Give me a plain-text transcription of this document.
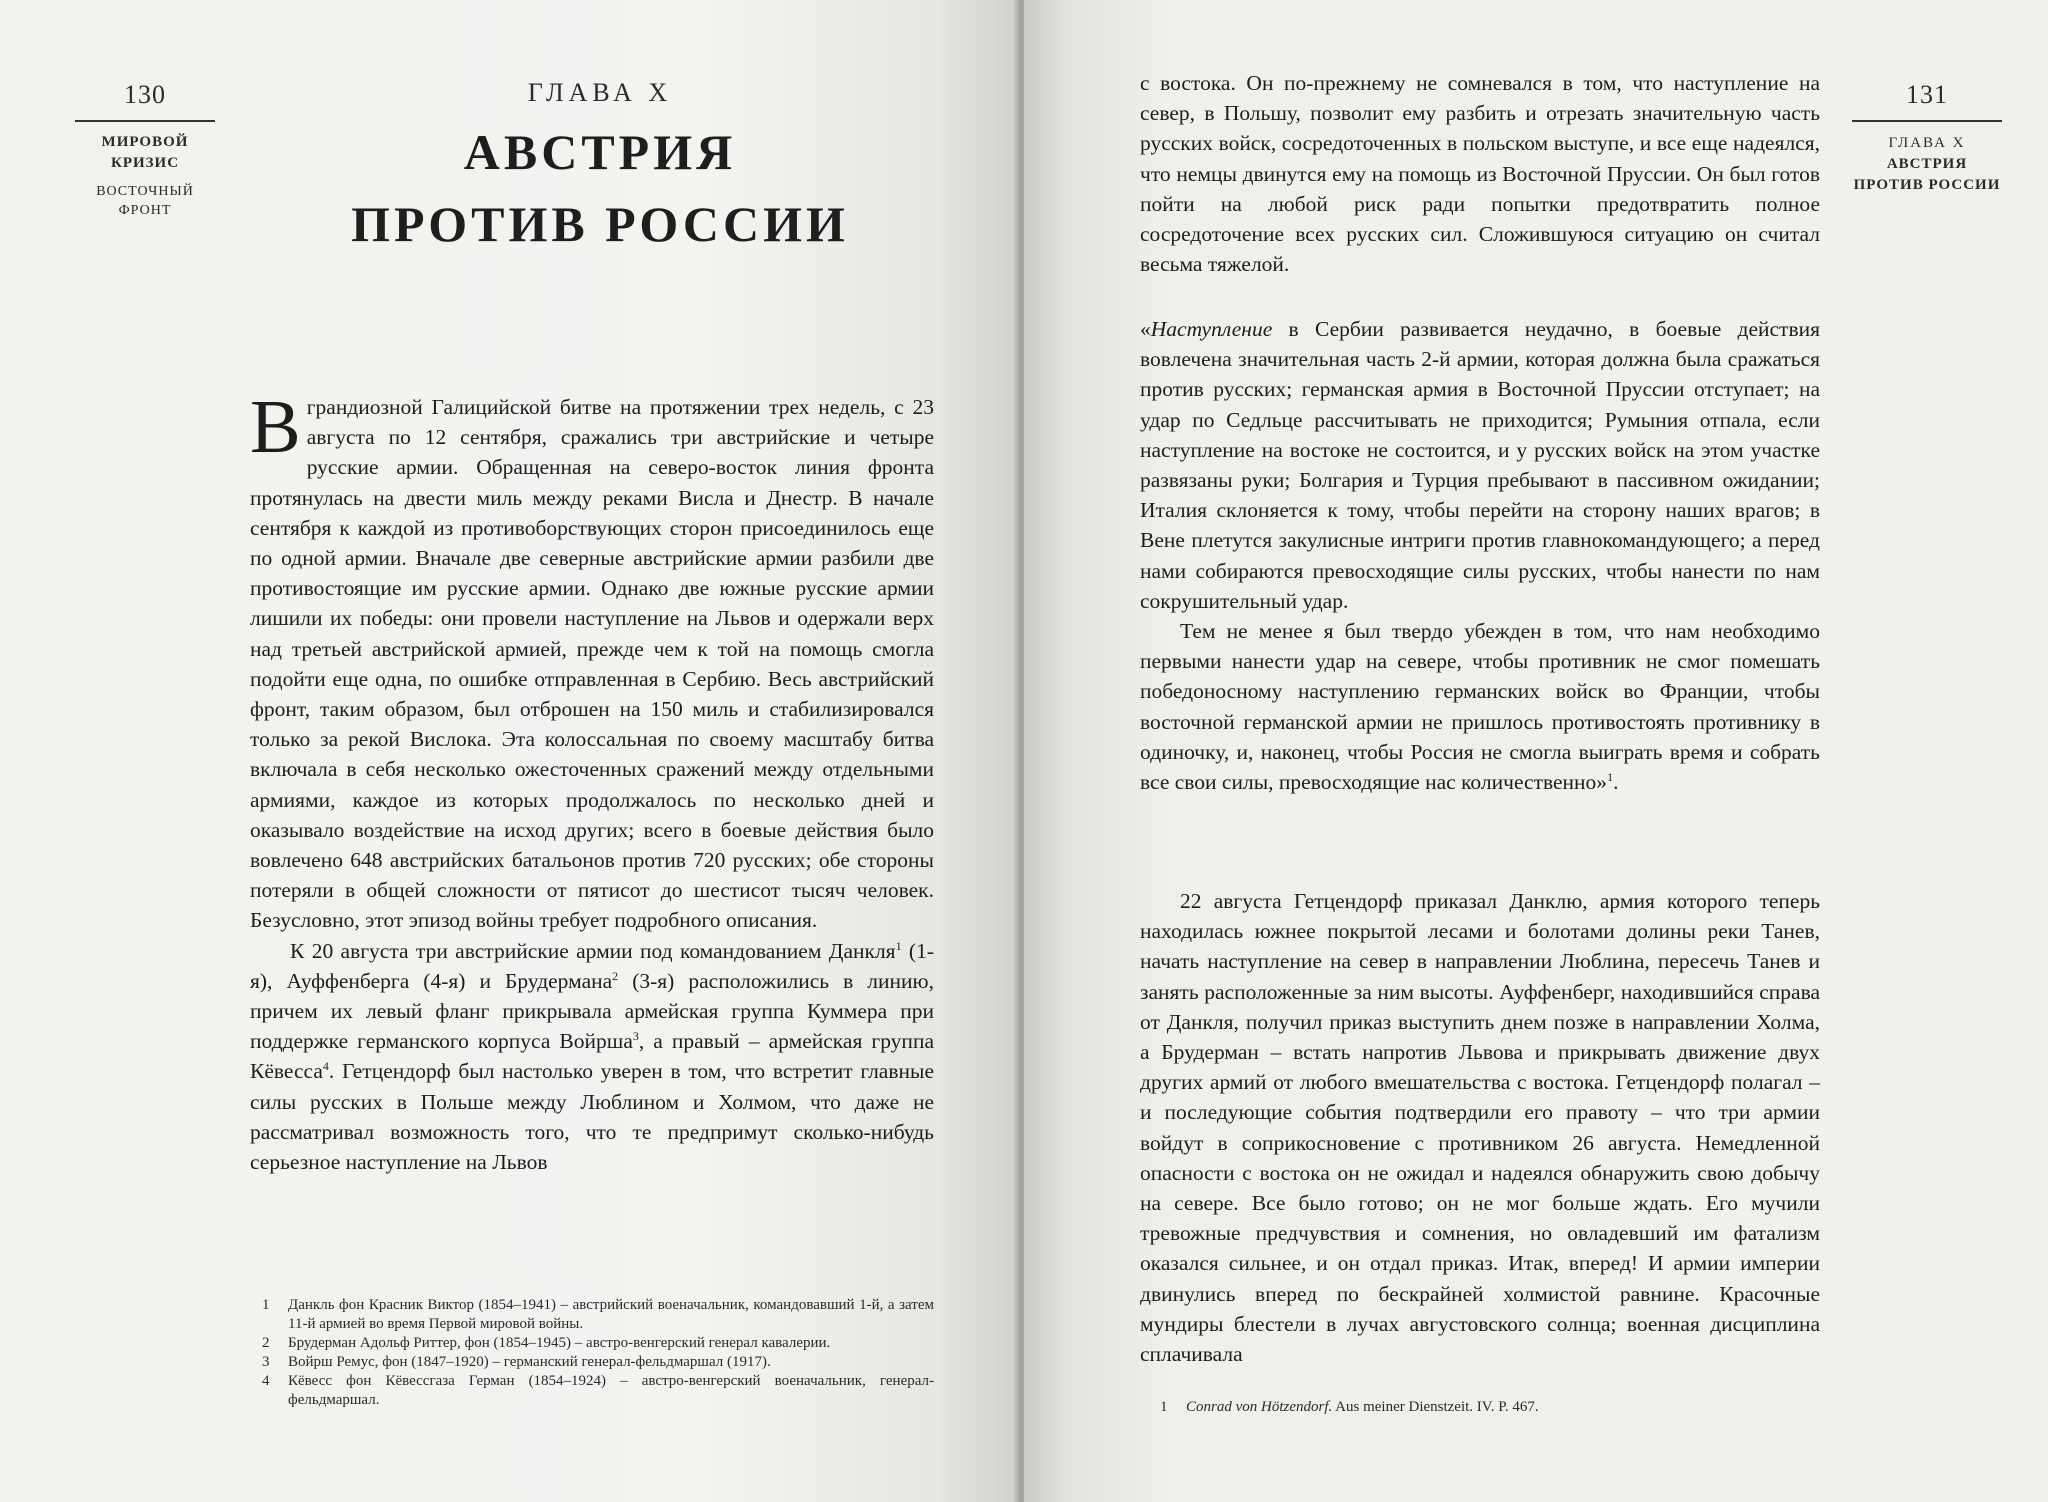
130
МИРОВОЙ КРИЗИС
ВОСТОЧНЫЙ ФРОНТ
ГЛАВА X
АВСТРИЯ
ПРОТИВ РОССИИ

В грандиозной Галицийской битве на протяжении трех недель, с 23 августа по 12 сентября, сражались три австрийские и четыре русские армии. Обращенная на северо-восток линия фронта протянулась на двести миль между реками Висла и Днестр. В начале сентября к каждой из противоборствующих сторон присоединилось еще по одной армии. Вначале две северные австрийские армии разбили две противостоящие им русские армии. Однако две южные русские армии лишили их победы: они провели наступление на Львов и одержали верх над третьей австрийской армией, прежде чем к той на помощь смогла подойти еще одна, по ошибке отправленная в Сербию. Весь австрийский фронт, таким образом, был отброшен на 150 миль и стабилизировался только за рекой Вислока. Эта колоссальная по своему масштабу битва включала в себя несколько ожесточенных сражений между отдельными армиями, каждое из которых продолжалось по несколько дней и оказывало воздействие на исход других; всего в боевые действия было вовлечено 648 австрийских батальонов против 720 русских; обе стороны потеряли в общей сложности от пятисот до шестисот тысяч человек. Безусловно, этот эпизод войны требует подробного описания.

К 20 августа три австрийские армии под командованием Данкля$^1$ (1-я), Ауффенберга (4-я) и Брудермана$^2$ (3-я) расположились в линию, причем их левый фланг прикрывала армейская группа Куммера при поддержке германского корпуса Войрша$^3$, а правый – армейская группа Кёвесса$^4$. Гетцендорф был настолько уверен в том, что встретит главные силы русских в Польше между Люблином и Холмом, что даже не рассматривал возможность того, что те предпримут сколько-нибудь серьезное наступление на Львов

1 Данкль фон Красник Виктор (1854–1941) – австрийский военачальник, командовавший 1-й, а затем 11-й армией во время Первой мировой войны.
2 Брудерман Адольф Риттер, фон (1854–1945) – австро-венгерский генерал кавалерии.
3 Войрш Ремус, фон (1847–1920) – германский генерал-фельдмаршал (1917).
4 Кёвесс фон Кёвессгаза Герман (1854–1924) – австро-венгерский военачальник, генерал-фельдмаршал.
131
ГЛАВА X
АВСТРИЯ
ПРОТИВ РОССИИ

с востока. Он по-прежнему не сомневался в том, что наступление на север, в Польшу, позволит ему разбить и отрезать значительную часть русских войск, сосредоточенных в польском выступе, и все еще надеялся, что немцы двинутся ему на помощь из Восточной Пруссии. Он был готов пойти на любой риск ради попытки предотвратить полное сосредоточение всех русских сил. Сложившуюся ситуацию он считал весьма тяжелой.

«Наступление в Сербии развивается неудачно, в боевые действия вовлечена значительная часть 2-й армии, которая должна была сражаться против русских; германская армия в Восточной Пруссии отступает; на удар по Седльце рассчитывать не приходится; Румыния отпала, если наступление на востоке не состоится, и у русских войск на этом участке развязаны руки; Болгария и Турция пребывают в пассивном ожидании; Италия склоняется к тому, чтобы перейти на сторону наших врагов; в Вене плетутся закулисные интриги против главнокомандующего; а перед нами собираются превосходящие силы русских, чтобы нанести по нам сокрушительный удар.

Тем не менее я был твердо убежден в том, что нам необходимо первыми нанести удар на севере, чтобы противник не смог помешать победоносному наступлению германских войск во Франции, чтобы восточной германской армии не пришлось противостоять противнику в одиночку, и, наконец, чтобы Россия не смогла выиграть время и собрать все свои силы, превосходящие нас количественно»$^1$.

22 августа Гетцендорф приказал Данклю, армия которого теперь находилась южнее покрытой лесами и болотами долины реки Танев, начать наступление на север в направлении Люблина, пересечь Танев и занять расположенные за ним высоты. Ауффенберг, находившийся справа от Данкля, получил приказ выступить днем позже в направлении Холма, а Брудерман – встать напротив Львова и прикрывать движение двух других армий от любого вмешательства с востока. Гетцендорф полагал – и последующие события подтвердили его правоту – что три армии войдут в соприкосновение с противником 26 августа. Немедленной опасности с востока он не ожидал и надеялся обнаружить свою добычу на севере. Все было готово; он не мог больше ждать. Его мучили тревожные предчувствия и сомнения, но овладевший им фатализм оказался сильнее, и он отдал приказ. Итак, вперед! И армии империи двинулись вперед по бескрайней холмистой равнине. Красочные мундиры блестели в лучах августовского солнца; военная дисциплина сплачивала

1 Conrad von Hötzendorf. Aus meiner Dienstzeit. IV. P. 467.
